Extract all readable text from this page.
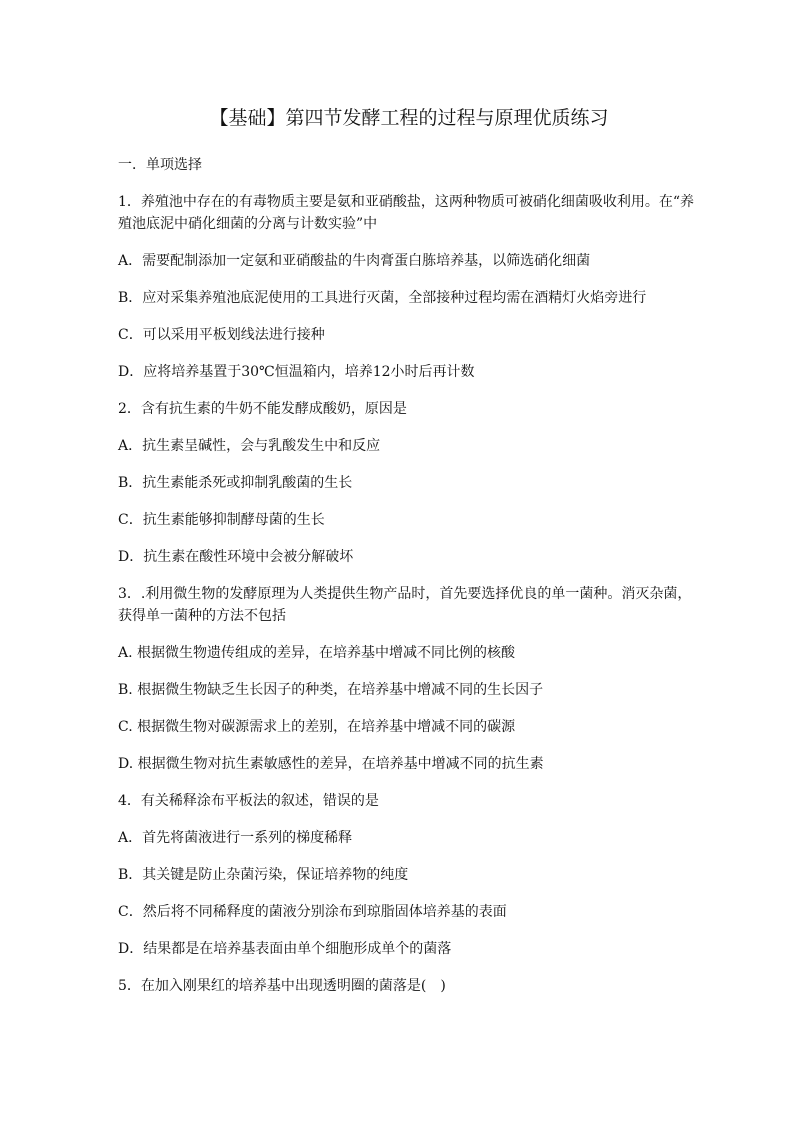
【基础】第四节发酵工程的过程与原理优质练习
一．单项选择

1．养殖池中存在的有毒物质主要是氨和亚硝酸盐，这两种物质可被硝化细菌吸收利用。在“养殖池底泥中硝化细菌的分离与计数实验”中

A．需要配制添加一定氨和亚硝酸盐的牛肉膏蛋白胨培养基，以筛选硝化细菌

B．应对采集养殖池底泥使用的工具进行灭菌，全部接种过程均需在酒精灯火焰旁进行

C．可以采用平板划线法进行接种

D．应将培养基置于30℃恒温箱内，培养12小时后再计数

2．含有抗生素的牛奶不能发酵成酸奶，原因是

A．抗生素呈碱性，会与乳酸发生中和反应

B．抗生素能杀死或抑制乳酸菌的生长

C．抗生素能够抑制酵母菌的生长

D．抗生素在酸性环境中会被分解破坏

3．.利用微生物的发酵原理为人类提供生物产品时，首先要选择优良的单一菌种。消灭杂菌，获得单一菌种的方法不包括

A. 根据微生物遗传组成的差异，在培养基中增减不同比例的核酸

B. 根据微生物缺乏生长因子的种类，在培养基中增减不同的生长因子

C. 根据微生物对碳源需求上的差别，在培养基中增减不同的碳源

D. 根据微生物对抗生素敏感性的差异，在培养基中增减不同的抗生素

4．有关稀释涂布平板法的叙述，错误的是

A．首先将菌液进行一系列的梯度稀释

B．其关键是防止杂菌污染，保证培养物的纯度

C．然后将不同稀释度的菌液分别涂布到琼脂固体培养基的表面

D．结果都是在培养基表面由单个细胞形成单个的菌落

5．在加入刚果红的培养基中出现透明圈的菌落是(　)
